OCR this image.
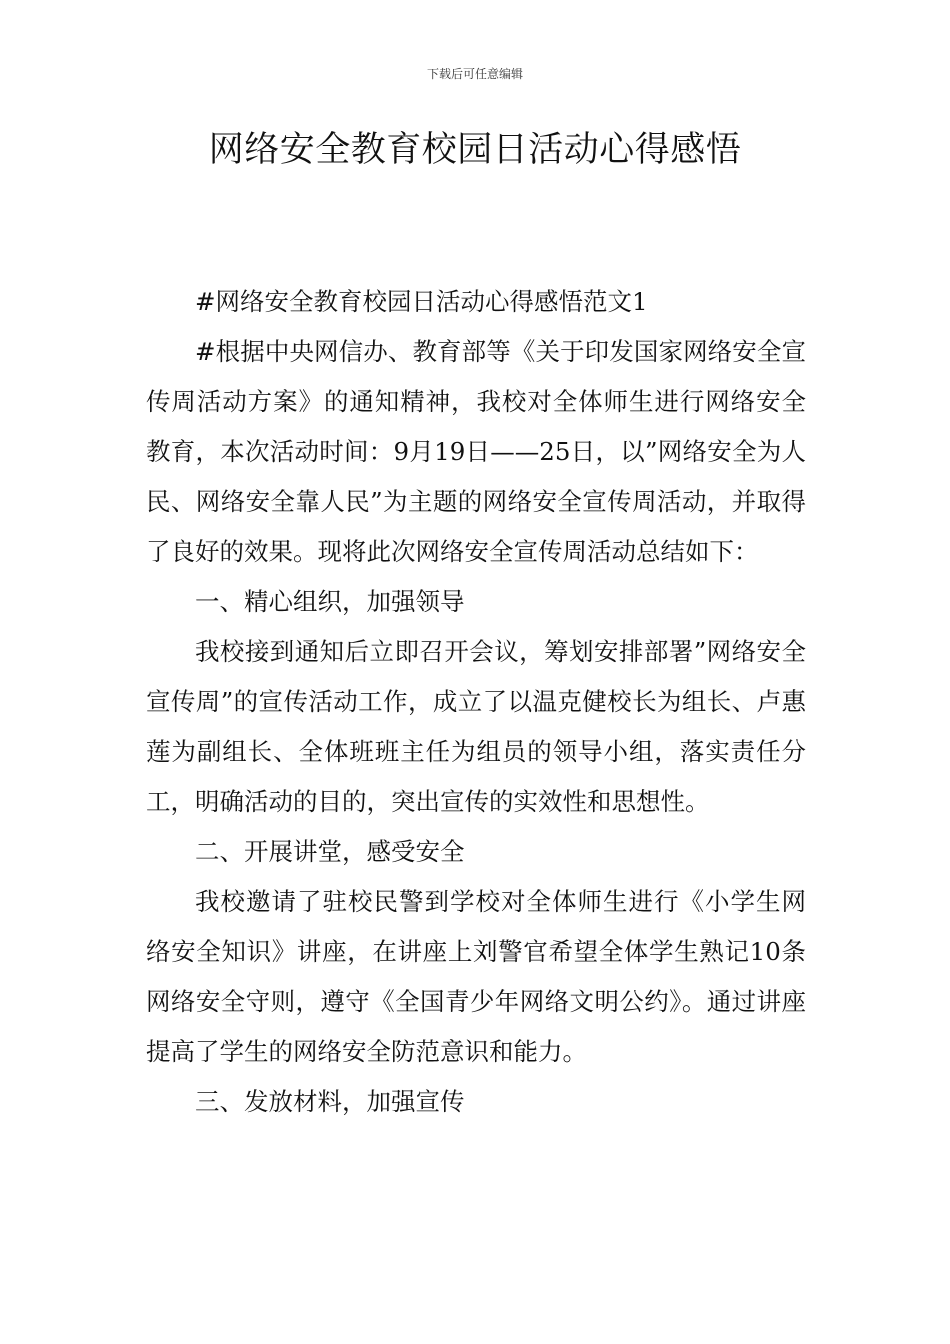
下载后可任意编辑
网络安全教育校园日活动心得感悟

#网络安全教育校园日活动心得感悟范文1

#根据中央网信办、教育部等《关于印发国家网络安全宣传周活动方案》的通知精神，我校对全体师生进行网络安全教育，本次活动时间：9月19日——25日，以”网络安全为人民、网络安全靠人民”为主题的网络安全宣传周活动，并取得了良好的效果。现将此次网络安全宣传周活动总结如下：

一、精心组织，加强领导

我校接到通知后立即召开会议，筹划安排部署”网络安全宣传周”的宣传活动工作，成立了以温克健校长为组长、卢惠莲为副组长、全体班班主任为组员的领导小组，落实责任分工，明确活动的目的，突出宣传的实效性和思想性。

二、开展讲堂，感受安全

我校邀请了驻校民警到学校对全体师生进行《小学生网络安全知识》讲座，在讲座上刘警官希望全体学生熟记10条网络安全守则，遵守《全国青少年网络文明公约》。通过讲座提高了学生的网络安全防范意识和能力。

三、发放材料，加强宣传
